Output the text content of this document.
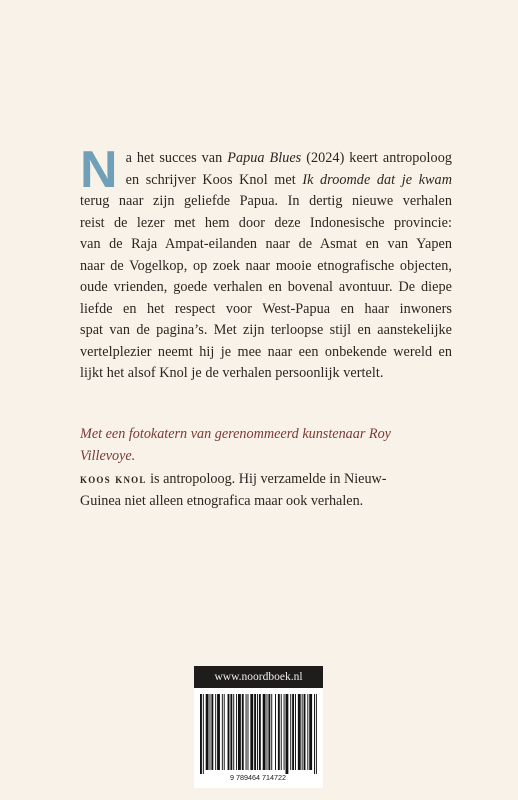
N a het succes van Papua Blues (2024) keert antropoloog
en schrijver Koos Knol met Ik droomde dat je kwam
terug naar zijn geliefde Papua. In dertig nieuwe verhalen
reist de lezer met hem door deze Indonesische provincie:
van de Raja Ampat-eilanden naar de Asmat en van Yapen
naar de Vogelkop, op zoek naar mooie etnografische objecten,
oude vrienden, goede verhalen en bovenal avontuur. De diepe
liefde en het respect voor West-Papua en haar inwoners
spat van de pagina’s. Met zijn terloopse stijl en aanstekelijke
vertelplezier neemt hij je mee naar een onbekende wereld en
lijkt het alsof Knol je de verhalen persoonlijk vertelt.
Met een fotokatern van gerenommeerd kunstenaar Roy
Villevoye.
koos knol is antropoloog. Hij verzamelde in Nieuw-
Guinea niet alleen etnografica maar ook verhalen.
www.noordboek.nl
9 789464 714722
